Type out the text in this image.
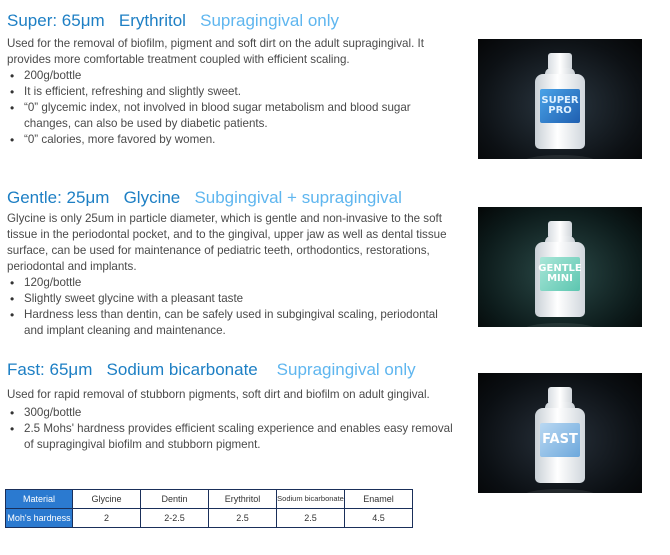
Super: 65μm Erythritol Supragingival only

Used for the removal of biofilm, pigment and soft dirt on the adult supragingival. It provides more comfortable treatment coupled with efficient scaling.

• 200g/bottle
• It is efficient, refreshing and slightly sweet.
• “0” glycemic index, not involved in blood sugar metabolism and blood sugar changes, can also be used by diabetic patients.
• “0” calories, more favored by women.
Gentle: 25μm Glycine Subgingival + supragingival

Glycine is only 25um in particle diameter, which is gentle and non-invasive to the soft tissue in the periodontal pocket, and to the gingival, upper jaw as well as dental tissue surface, can be used for maintenance of pediatric teeth, orthodontics, restorations, periodontal and implants.

• 120g/bottle
• Slightly sweet glycine with a pleasant taste
• Hardness less than dentin, can be safely used in subgingival scaling, periodontal and implant cleaning and maintenance.
Fast: 65μm Sodium bicarbonate Supragingival only

Used for rapid removal of stubborn pigments, soft dirt and biofilm on adult gingival.

• 300g/bottle
• 2.5 Mohs' hardness provides efficient scaling experience and enables easy removal of supragingival biofilm and stubborn pigment.
SUPER PRO
GENTLE MINI
FAST
Material	Glycine	Dentin	Erythritol	Sodium bicarbonate	Enamel
Moh's hardness	2	2-2.5	2.5	2.5	4.5
